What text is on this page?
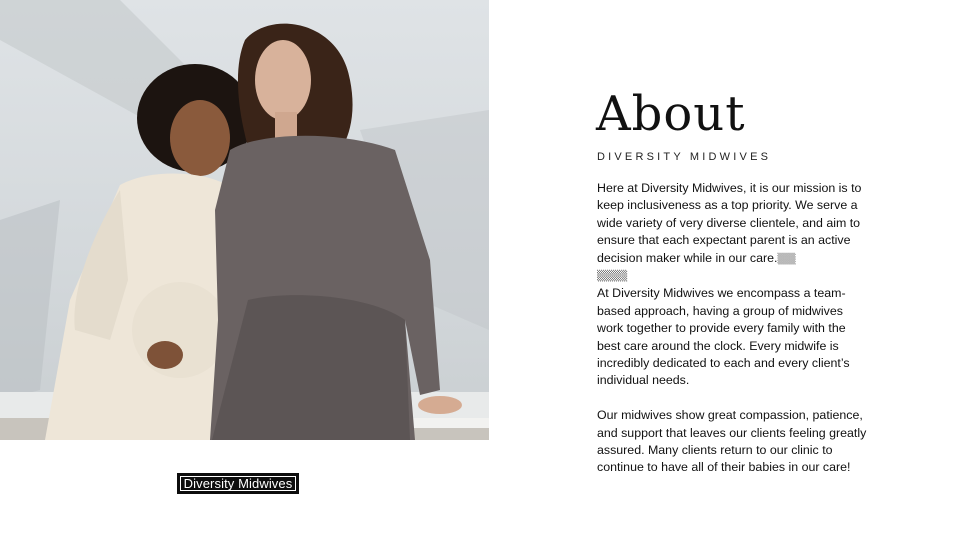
Diversity Midwives
About
DIVERSITY MIDWIVES

Here at Diversity Midwives, it is our mission is to keep inclusiveness as a top priority. We serve a wide variety of very diverse clientele, and aim to ensure that each expectant parent is an active decision maker while in our care.▒▒▒

▒▒▒▒▒

At Diversity Midwives we encompass a team-based approach, having a group of midwives work together to provide every family with the best care around the clock. Every midwife is incredibly dedicated to each and every client’s individual needs.

Our midwives show great compassion, patience, and support that leaves our clients feeling greatly assured. Many clients return to our clinic to continue to have all of their babies in our care!
